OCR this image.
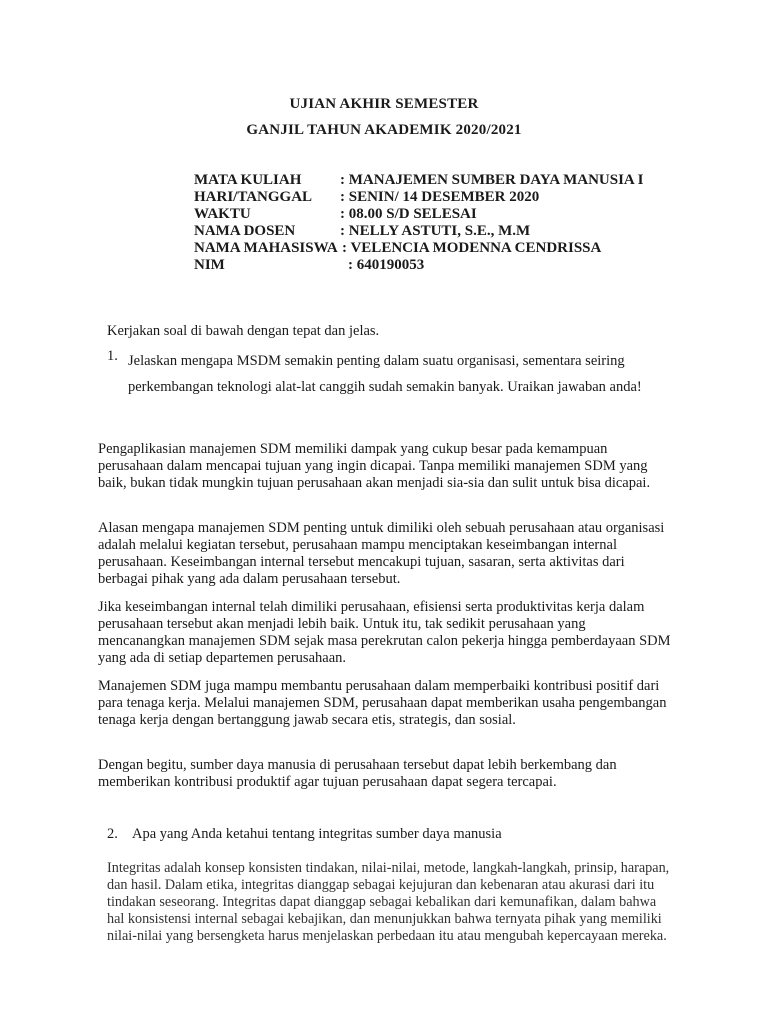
UJIAN AKHIR SEMESTER
GANJIL TAHUN AKADEMIK 2020/2021
MATA KULIAH	: MANAJEMEN SUMBER DAYA MANUSIA I
HARI/TANGGAL : SENIN/ 14 DESEMBER 2020
WAKTU	: 08.00 S/D SELESAI
NAMA DOSEN	: NELLY ASTUTI, S.E., M.M
NAMA MAHASISWA : VELENCIA MODENNA CENDRISSA
NIM	: 640190053
Kerjakan soal di bawah dengan tepat dan jelas.
1. Jelaskan mengapa MSDM semakin penting dalam suatu organisasi, sementara seiring perkembangan teknologi alat-lat canggih sudah semakin banyak. Uraikan jawaban anda!
Pengaplikasian manajemen SDM memiliki dampak yang cukup besar pada kemampuan perusahaan dalam mencapai tujuan yang ingin dicapai. Tanpa memiliki manajemen SDM yang baik, bukan tidak mungkin tujuan perusahaan akan menjadi sia-sia dan sulit untuk bisa dicapai.
Alasan mengapa manajemen SDM penting untuk dimiliki oleh sebuah perusahaan atau organisasi adalah melalui kegiatan tersebut, perusahaan mampu menciptakan keseimbangan internal perusahaan. Keseimbangan internal tersebut mencakupi tujuan, sasaran, serta aktivitas dari berbagai pihak yang ada dalam perusahaan tersebut.
Jika keseimbangan internal telah dimiliki perusahaan, efisiensi serta produktivitas kerja dalam perusahaan tersebut akan menjadi lebih baik. Untuk itu, tak sedikit perusahaan yang mencanangkan manajemen SDM sejak masa perekrutan calon pekerja hingga pemberdayaan SDM yang ada di setiap departemen perusahaan.
Manajemen SDM juga mampu membantu perusahaan dalam memperbaiki kontribusi positif dari para tenaga kerja. Melalui manajemen SDM, perusahaan dapat memberikan usaha pengembangan tenaga kerja dengan bertanggung jawab secara etis, strategis, dan sosial.
Dengan begitu, sumber daya manusia di perusahaan tersebut dapat lebih berkembang dan memberikan kontribusi produktif agar tujuan perusahaan dapat segera tercapai.
2. Apa yang Anda ketahui tentang integritas sumber daya manusia
Integritas adalah konsep konsisten tindakan, nilai-nilai, metode, langkah-langkah, prinsip, harapan, dan hasil. Dalam etika, integritas dianggap sebagai kejujuran dan kebenaran atau akurasi dari itu tindakan seseorang. Integritas dapat dianggap sebagai kebalikan dari kemunafikan, dalam bahwa hal konsistensi internal sebagai kebajikan, dan menunjukkan bahwa ternyata pihak yang memiliki nilai-nilai yang bersengketa harus menjelaskan perbedaan itu atau mengubah kepercayaan mereka.
